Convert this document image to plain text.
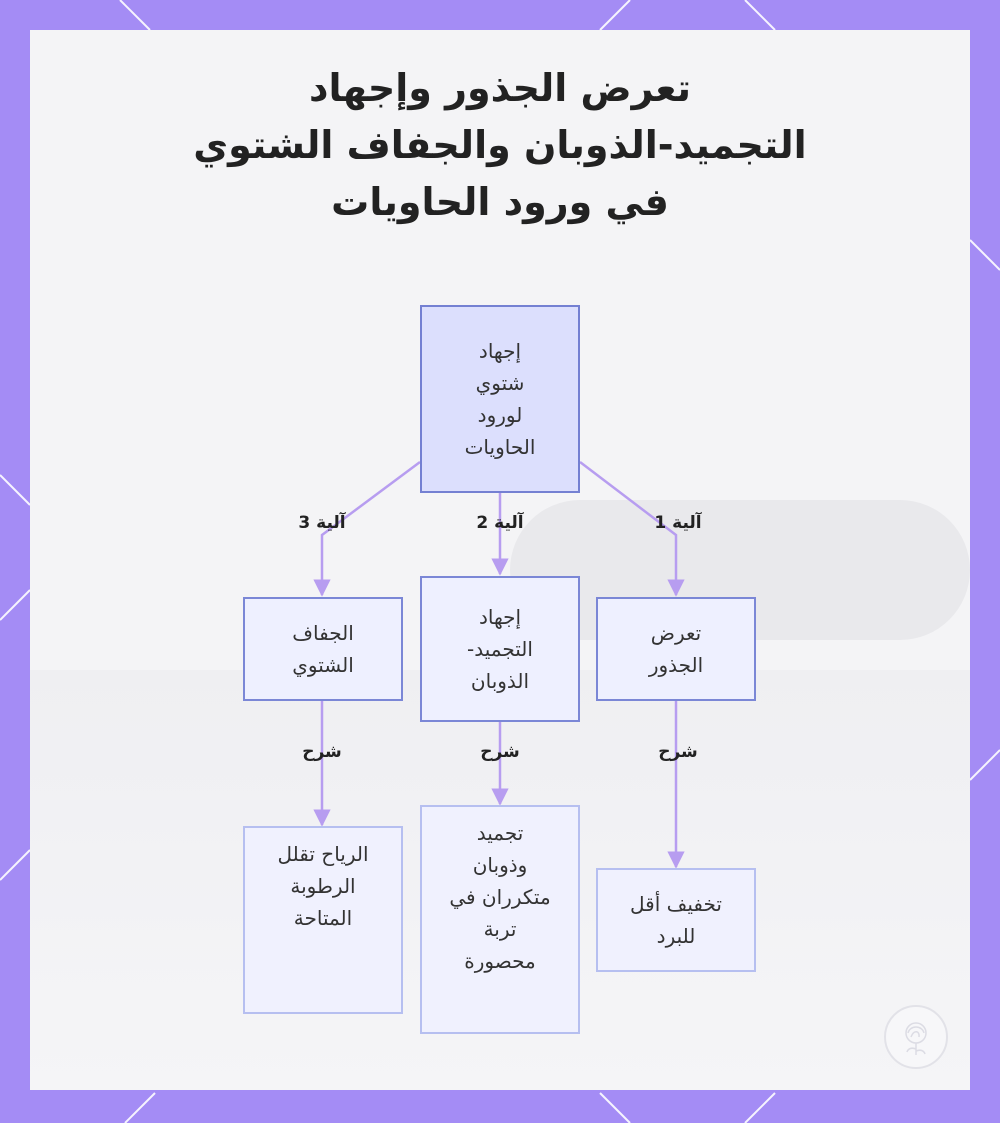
تعرض الجذور وإجهاد
التجميد-الذوبان والجفاف الشتوي
في ورود الحاويات
إجهاد
شتوي
لورود
الحاويات
تعرض
الجذور
إجهاد
التجميد-
الذوبان
الجفاف
الشتوي
تخفيف أقل
للبرد
تجميد
وذوبان
متكرران في
تربة
محصورة
الرياح تقلل
الرطوبة
المتاحة
آلية 1
آلية 2
آلية 3
شرح
شرح
شرح
